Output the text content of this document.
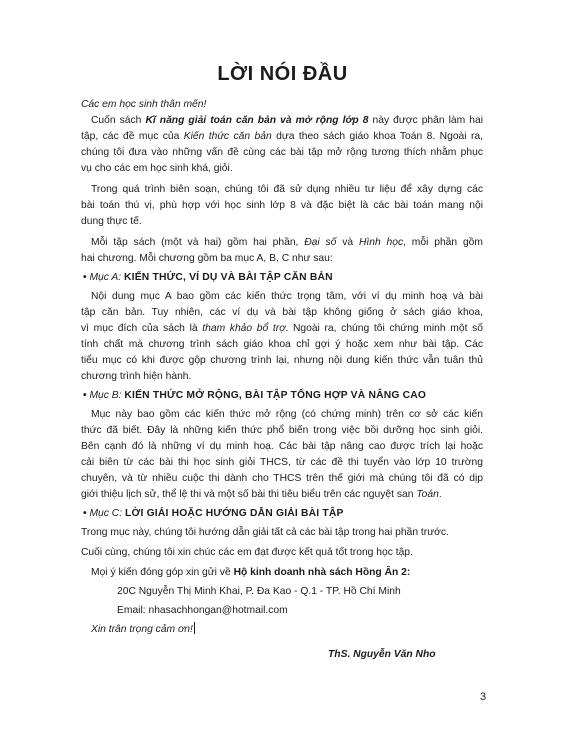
LỜI NÓI ĐẦU
Các em học sinh thân mến!
Cuốn sách Kĩ năng giải toán căn bản và mở rộng lớp 8 này được phân làm hai
tập, các đề mục của Kiến thức căn bản dựa theo sách giáo khoa Toán 8. Ngoài ra,
chúng tôi đưa vào những vấn đề cùng các bài tập mở rộng tương thích nhằm phục
vụ cho các em học sinh khá, giỏi.
Trong quá trình biên soạn, chúng tôi đã sử dụng nhiều tư liệu để xây dựng các
bài toán thú vị, phù hợp với học sinh lớp 8 và đặc biệt là các bài toán mang nội
dung thực tế.
Mỗi tập sách (một và hai) gồm hai phần, Đại số và Hình học, mỗi phần gồm
hai chương. Mỗi chương gồm ba mục A, B, C như sau:
• Mục A: KIẾN THỨC, VÍ DỤ VÀ BÀI TẬP CĂN BẢN
Nội dung mục A bao gồm các kiến thức trọng tâm, với ví dụ minh hoạ và bài
tập căn bản. Tuy nhiên, các ví dụ và bài tập không giống ở sách giáo khoa,
vì mục đích của sách là tham khảo bổ trợ. Ngoài ra, chúng tôi chứng minh một số
tính chất mà chương trình sách giáo khoa chỉ gợi ý hoặc xem như bài tập. Các
tiểu mục có khi được gộp chương trình lại, nhưng nội dung kiến thức vẫn tuân thủ
chương trình hiện hành.
• Mục B: KIẾN THỨC MỞ RỘNG, BÀI TẬP TỔNG HỢP VÀ NÂNG CAO
Mục này bao gồm các kiến thức mở rộng (có chứng minh) trên cơ sở các kiến
thức đã biết. Đây là những kiến thức phổ biến trong việc bồi dưỡng học sinh giỏi.
Bên cạnh đó là những ví dụ minh hoạ. Các bài tập nâng cao được trích lại hoặc
cải biên từ các bài thi học sinh giỏi THCS, từ các đề thi tuyển vào lớp 10 trường
chuyên, và từ nhiều cuộc thi dành cho THCS trên thế giới mà chúng tôi đã có dịp
giới thiệu lịch sử, thể lệ thi và một số bài thi tiêu biểu trên các nguyệt san Toán.
• Mục C: LỜI GIẢI HOẶC HƯỚNG DẪN GIẢI BÀI TẬP
Trong mục này, chúng tôi hướng dẫn giải tất cả các bài tập trong hai phần trước.
Cuối cùng, chúng tôi xin chúc các em đạt được kết quả tốt trong học tập.
Mọi ý kiến đóng góp xin gửi về Hộ kinh doanh nhà sách Hồng Ân 2:
20C Nguyễn Thị Minh Khai, P. Đa Kao - Q.1 - TP. Hồ Chí Minh
Email: nhasachhongan@hotmail.com
Xin trân trọng cảm ơn!
ThS. Nguyễn Văn Nho
3
